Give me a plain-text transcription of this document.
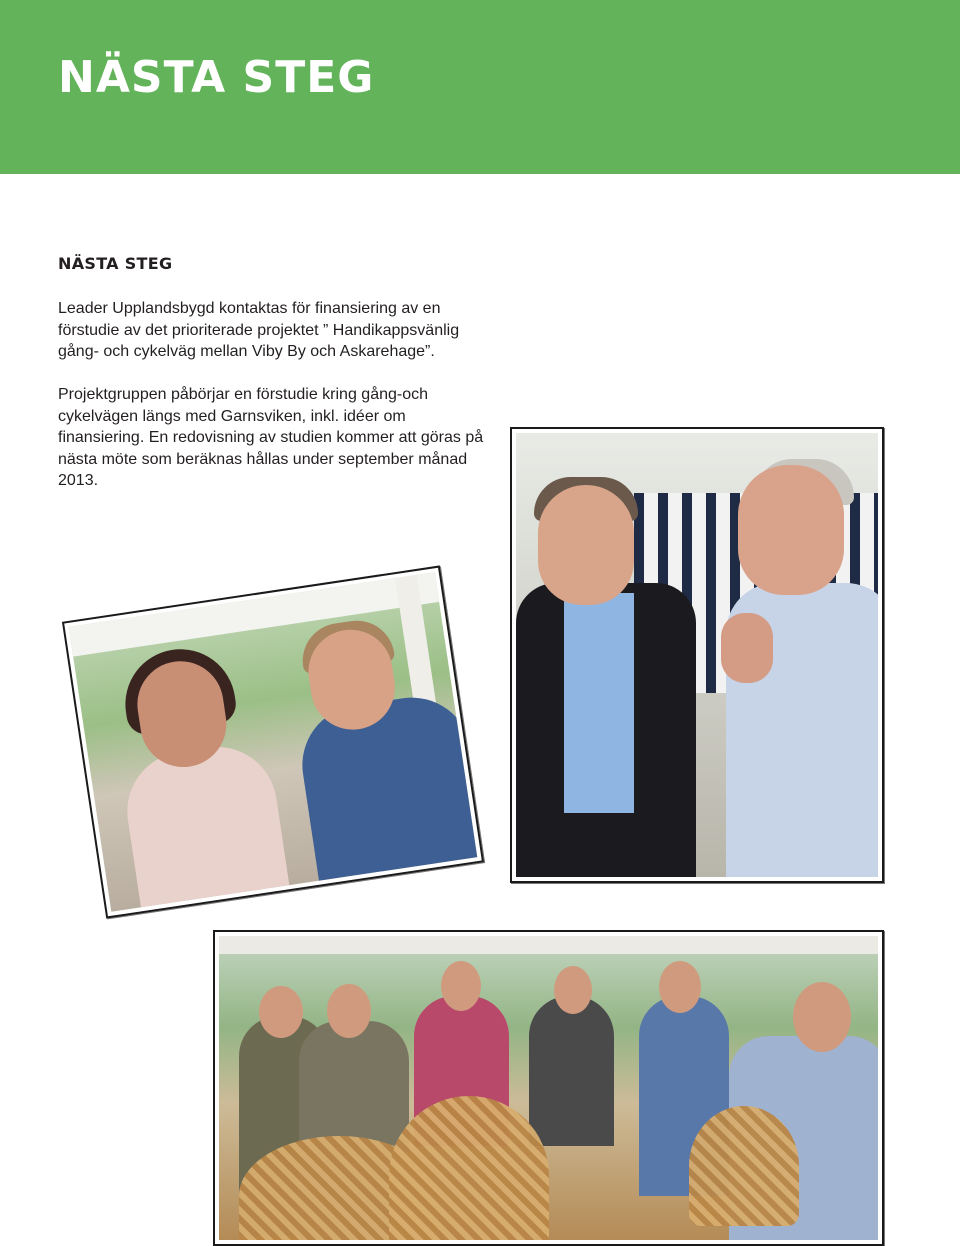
NÄSTA STEG
NÄSTA STEG

Leader Upplandsbygd kontaktas för finansiering av en förstudie av det prioriterade projektet ” Handikappsvänlig gång- och cykelväg mellan Viby By och Askarehage”.

Projektgruppen påbörjar en förstudie kring gång-och cykelvägen längs med Garnsviken, inkl. idéer om finansiering. En redovisning av studien kommer att göras på nästa möte som beräknas hållas under september månad 2013.
